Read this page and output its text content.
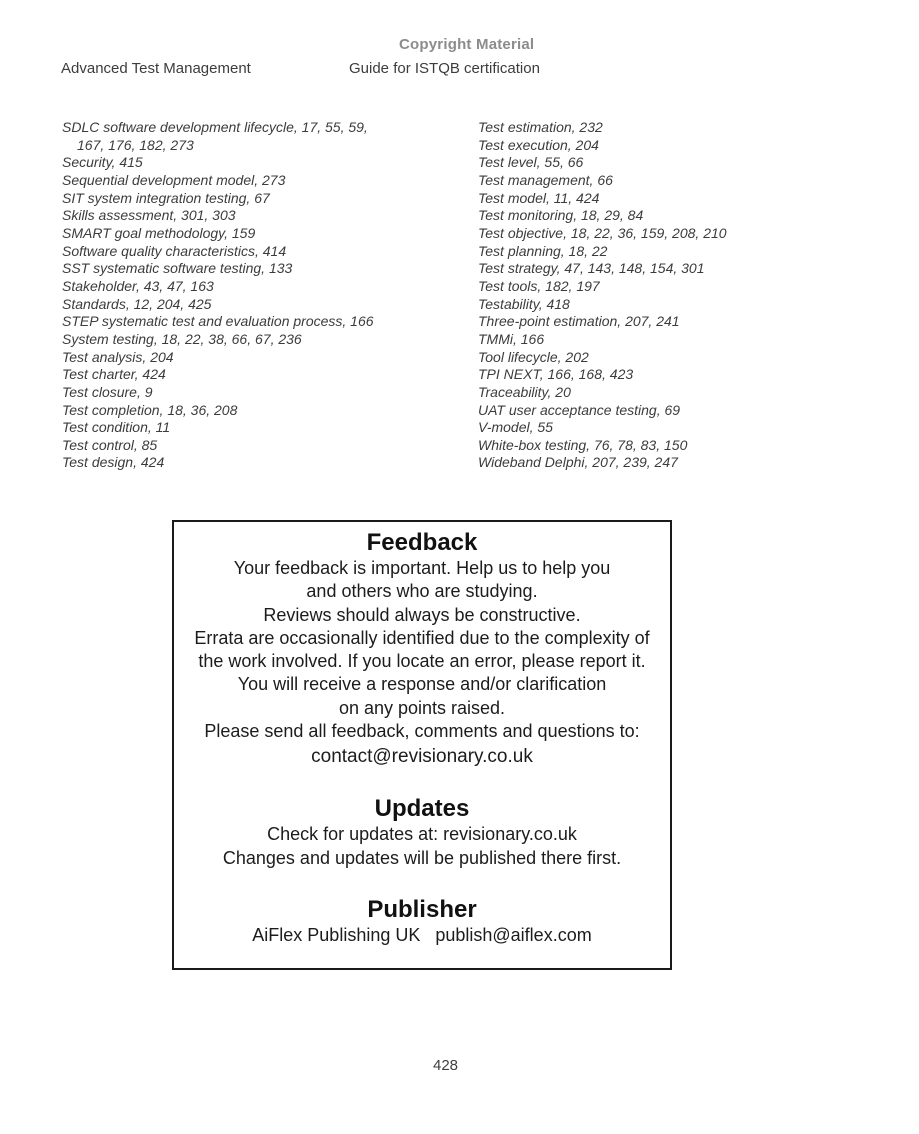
Copyright Material
Advanced Test Management	Guide for ISTQB certification
SDLC software development lifecycle, 17, 55, 59,
167, 176, 182, 273
Security, 415
Sequential development model, 273
SIT system integration testing, 67
Skills assessment, 301, 303
SMART goal methodology, 159
Software quality characteristics, 414
SST systematic software testing, 133
Stakeholder, 43, 47, 163
Standards, 12, 204, 425
STEP systematic test and evaluation process, 166
System testing, 18, 22, 38, 66, 67, 236
Test analysis, 204
Test charter, 424
Test closure, 9
Test completion, 18, 36, 208
Test condition, 11
Test control, 85
Test design, 424
Test estimation, 232
Test execution, 204
Test level, 55, 66
Test management, 66
Test model, 11, 424
Test monitoring, 18, 29, 84
Test objective, 18, 22, 36, 159, 208, 210
Test planning, 18, 22
Test strategy, 47, 143, 148, 154, 301
Test tools, 182, 197
Testability, 418
Three-point estimation, 207, 241
TMMi, 166
Tool lifecycle, 202
TPI NEXT, 166, 168, 423
Traceability, 20
UAT user acceptance testing, 69
V-model, 55
White-box testing, 76, 78, 83, 150
Wideband Delphi, 207, 239, 247
Feedback
Your feedback is important. Help us to help you
and others who are studying.
Reviews should always be constructive.
Errata are occasionally identified due to the complexity of
the work involved. If you locate an error, please report it.
You will receive a response and/or clarification
on any points raised.
Please send all feedback, comments and questions to:
contact@revisionary.co.uk
Updates
Check for updates at: revisionary.co.uk
Changes and updates will be published there first.
Publisher
AiFlex Publishing UK   publish@aiflex.com
428
